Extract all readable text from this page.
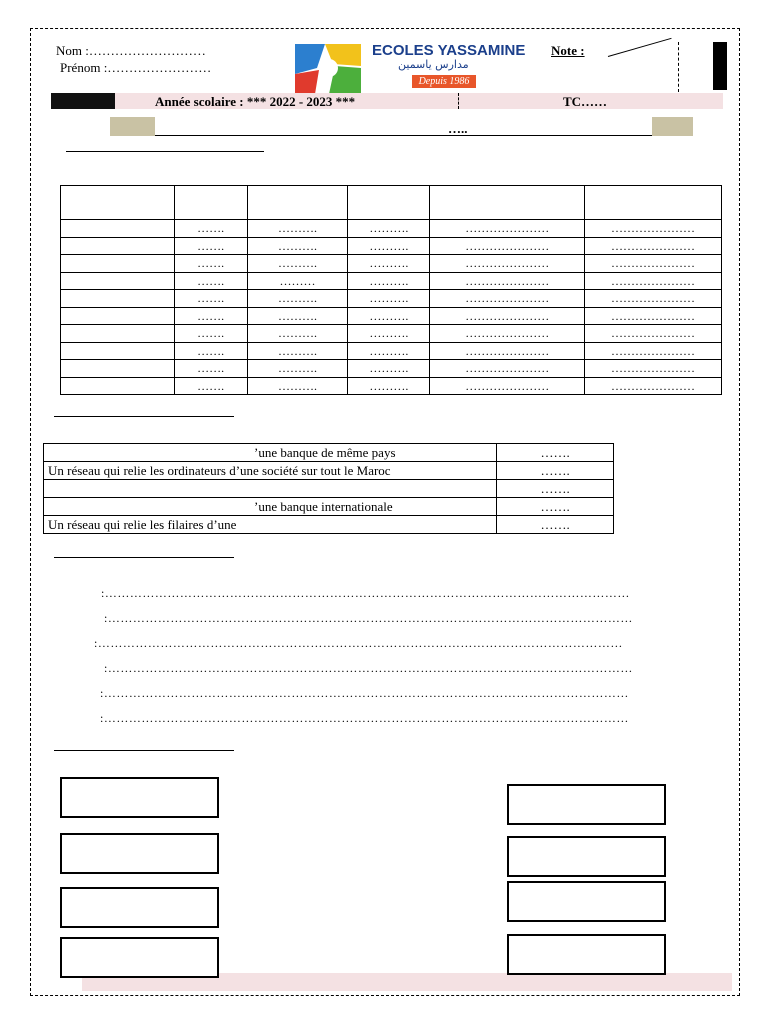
Nom :………………………
Prénom :……………………
ECOLES YASSAMINE
مدارس ياسمين
Depuis 1986
Note :
Année scolaire : *** 2022 - 2023 ***	TC……
…..

	…….	……….	……….	…………………	…………………
	…….	……….	……….	…………………	…………………
	…….	……….	……….	…………………	…………………
	…….	………	……….	…………………	…………………
	…….	……….	……….	…………………	…………………
	…….	……….	……….	…………………	…………………
	…….	……….	……….	…………………	…………………
	…….	……….	……….	…………………	…………………
	…….	……….	……….	…………………	…………………
	…….	……….	……….	…………………	…………………
’une banque de même pays	…….
Un réseau qui relie les ordinateurs d’une société sur tout le Maroc	…….
	…….
’une banque internationale	…….
Un réseau qui relie les filaires d’une	…….
:………………………………………………………………………………………………………………
:………………………………………………………………………………………………………………
:………………………………………………………………………………………………………………
:………………………………………………………………………………………………………………
:………………………………………………………………………………………………………………
:………………………………………………………………………………………………………………
